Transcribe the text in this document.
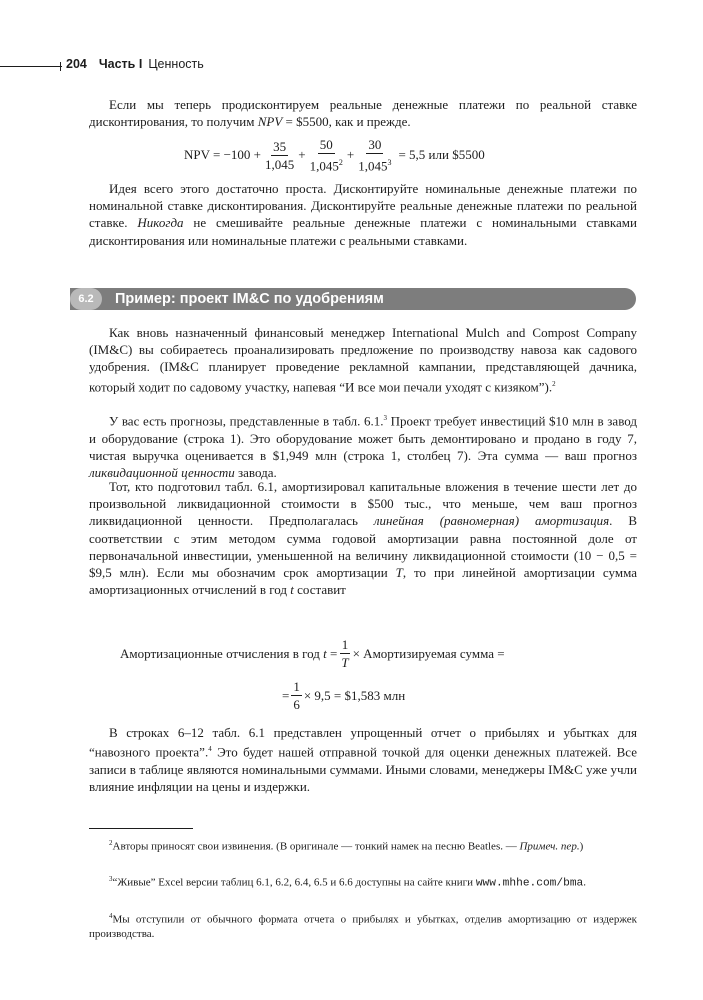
204 Часть I Ценность

Если мы теперь продисконтируем реальные денежные платежи по реальной ставке дисконтирования, то получим NPV = $5500, как и прежде.

NPV = $-100 + \frac{35}{1,045} + \frac{50}{1,045^2} + \frac{30}{1,045^3} = 5,5$ или $5500

Идея всего этого достаточно проста. Дисконтируйте номинальные денежные платежи по номинальной ставке дисконтирования. Дисконтируйте реальные денежные платежи по реальной ставке. Никогда не смешивайте реальные денежные платежи с номинальными ставками дисконтирования или номинальные платежи с реальными ставками.

6.2	Пример: проект IM&C по удобрениям

Как вновь назначенный финансовый менеджер International Mulch and Compost Company (IM&C) вы собираетесь проанализировать предложение по производству навоза как садового удобрения. (IM&C планирует проведение рекламной кампании, представляющей дачника, который ходит по садовому участку, напевая “И все мои печали уходят с кизяком”).$^2$

У вас есть прогнозы, представленные в табл. 6.1.$^3$ Проект требует инвестиций $10 млн в завод и оборудование (строка 1). Это оборудование может быть демонтировано и продано в году 7, чистая выручка оценивается в $1,949 млн (строка 1, столбец 7). Эта сумма — ваш прогноз ликвидационной ценности завода.

Тот, кто подготовил табл. 6.1, амортизировал капитальные вложения в течение шести лет до произвольной ликвидационной стоимости в $500 тыс., что меньше, чем ваш прогноз ликвидационной ценности. Предполагалась линейная (равномерная) амортизация. В соответствии с этим методом сумма годовой амортизации равна постоянной доле от первоначальной инвестиции, уменьшенной на величину ликвидационной стоимости (10 − 0,5 = $9,5 млн). Если мы обозначим срок амортизации T, то при линейной амортизации сумма амортизационных отчислений в год t составит

Амортизационные отчисления в год
t
= $\frac{1}{T}$ × Амортизируемая сумма =
= $\frac{1}{6} \times 9,5$ = $1,583 млн

В строках 6–12 табл. 6.1 представлен упрощенный отчет о прибылях и убытках для “навозного проекта”.$^4$ Это будет нашей отправной точкой для оценки денежных платежей. Все записи в таблице являются номинальными суммами. Иными словами, менеджеры IM&C уже учли влияние инфляции на цены и издержки.

$^2$Авторы приносят свои извинения. (В оригинале — тонкий намек на песню Beatles. — Примеч. пер.)

$^3$“Живые” Excel версии таблиц 6.1, 6.2, 6.4, 6.5 и 6.6 доступны на сайте книги www.mhhe.com/bma.

$^4$Мы отступили от обычного формата отчета о прибылях и убытках, отделив амортизацию от издержек производства.
